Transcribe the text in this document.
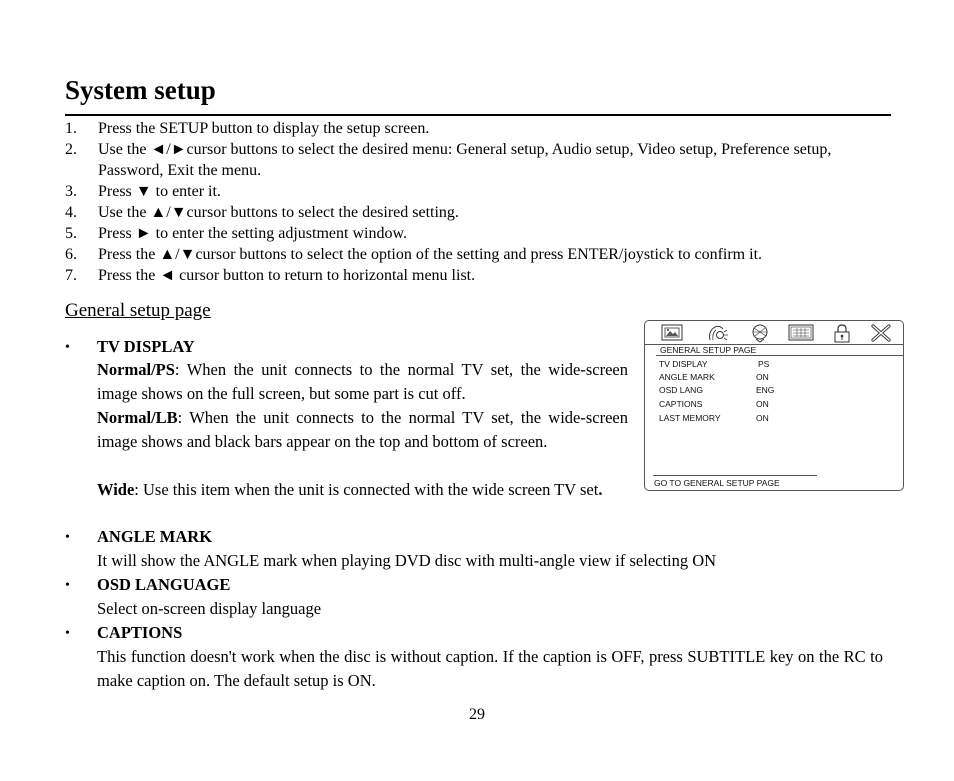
System setup
1. Press the SETUP button to display the setup screen.
2. Use the ◄/►cursor buttons to select the desired menu: General setup, Audio setup, Video setup, Preference setup, Password, Exit the menu.
3. Press ▼ to enter it.
4. Use the ▲/▼cursor buttons to select the desired setting.
5. Press ► to enter the setting adjustment window.
6. Press the ▲/▼cursor buttons to select the option of the setting and press ENTER/joystick to confirm it.
7. Press the ◄ cursor button to return to horizontal menu list.
General setup page
• TV DISPLAY
Normal/PS: When the unit connects to the normal TV set, the wide-screen image shows on the full screen, but some part is cut off.
Normal/LB: When the unit connects to the normal TV set, the wide-screen image shows and black bars appear on the top and bottom of screen.
Wide: Use this item when the unit is connected with the wide screen TV set.
• ANGLE MARK
It will show the ANGLE mark when playing DVD disc with multi-angle view if selecting ON
• OSD LANGUAGE
Select on-screen display language
• CAPTIONS
This function doesn't work when the disc is without caption. If the caption is OFF, press SUBTITLE key on the RC to make caption on. The default setup is ON.
GENERAL SETUP PAGE
TV DISPLAY	PS
ANGLE MARK	ON
OSD LANG	ENG
CAPTIONS	ON
LAST MEMORY	ON
GO TO GENERAL SETUP PAGE
29
